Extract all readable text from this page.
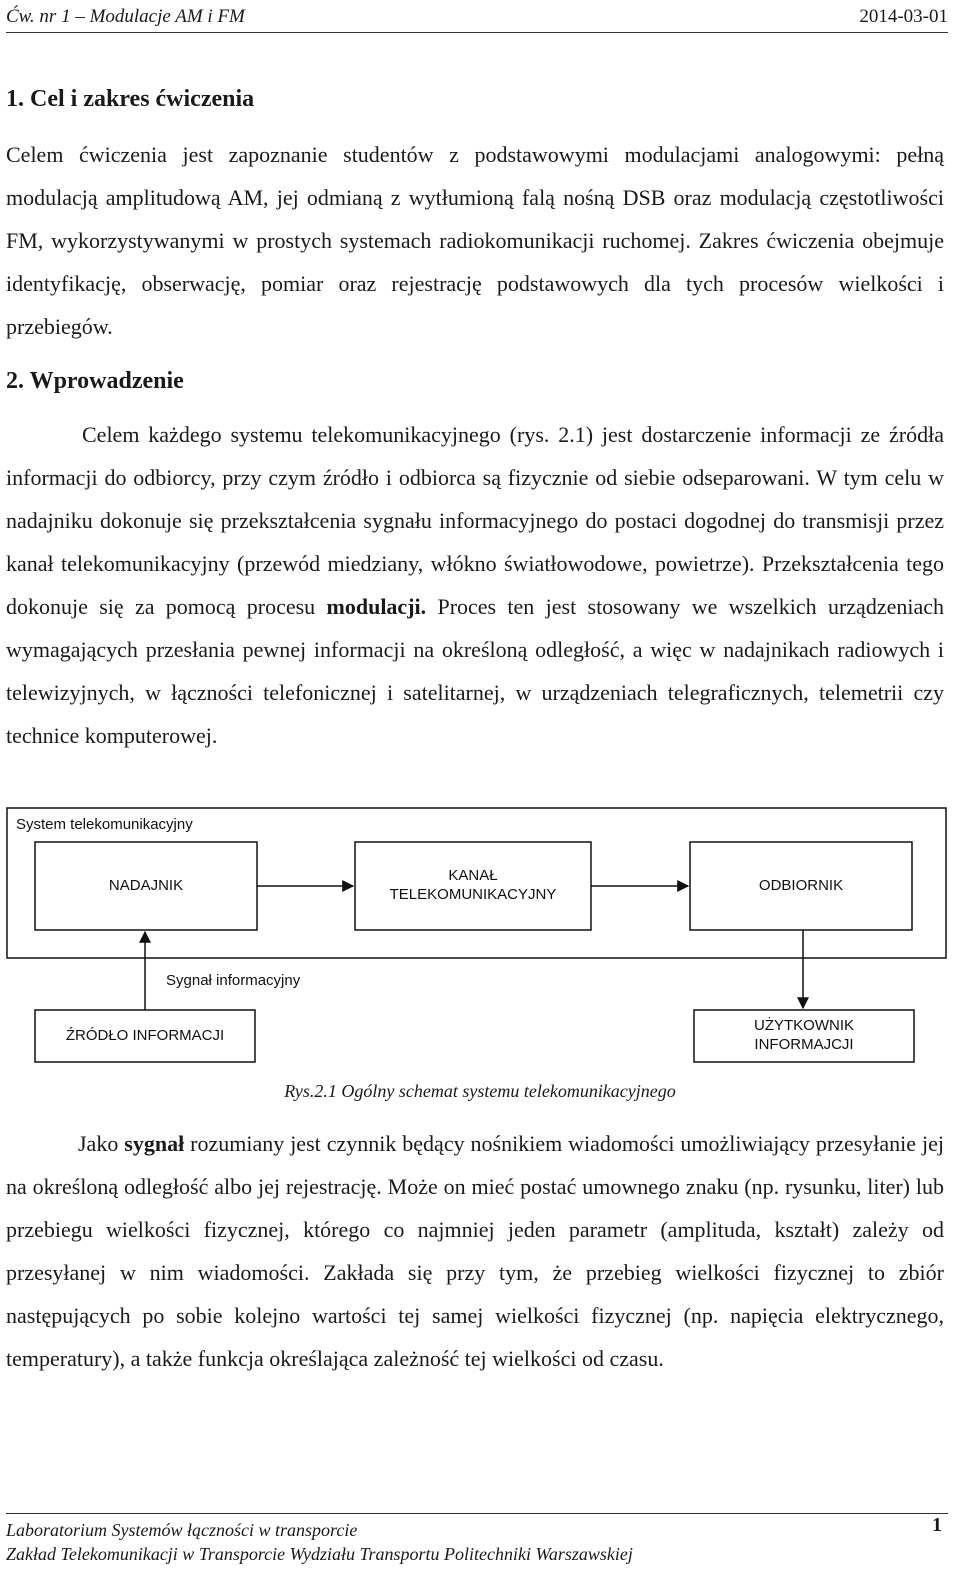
Ćw. nr 1 – Modulacje AM i FM	2014-03-01
1. Cel i zakres ćwiczenia
Celem ćwiczenia jest zapoznanie studentów z podstawowymi modulacjami analogowymi: pełną modulacją amplitudową AM, jej odmianą z wytłumioną falą nośną DSB oraz modulacją częstotliwości FM, wykorzystywanymi w prostych systemach radiokomunikacji ruchomej. Zakres ćwiczenia obejmuje identyfikację, obserwację, pomiar oraz rejestrację podstawowych dla tych procesów wielkości i przebiegów.
2. Wprowadzenie
Celem każdego systemu telekomunikacyjnego (rys. 2.1) jest dostarczenie informacji ze źródła informacji do odbiorcy, przy czym źródło i odbiorca są fizycznie od siebie odseparowani. W tym celu w nadajniku dokonuje się przekształcenia sygnału informacyjnego do postaci dogodnej do transmisji przez kanał telekomunikacyjny (przewód miedziany, włókno światłowodowe, powietrze). Przekształcenia tego dokonuje się za pomocą procesu modulacji. Proces ten jest stosowany we wszelkich urządzeniach wymagających przesłania pewnej informacji na określoną odległość, a więc w nadajnikach radiowych i telewizyjnych, w łączności telefonicznej i satelitarnej, w urządzeniach telegraficznych, telemetrii czy technice komputerowej.
System telekomunikacyjny
NADAJNIK
KANAŁ
TELEKOMUNIKACYJNY
ODBIORNIK
Sygnał informacyjny
ŹRÓDŁO INFORMACJI
UŻYTKOWNIK
INFORMAJCJI
Rys.2.1 Ogólny schemat systemu telekomunikacyjnego
Jako sygnał rozumiany jest czynnik będący nośnikiem wiadomości umożliwiający przesyłanie jej na określoną odległość albo jej rejestrację. Może on mieć postać umownego znaku (np. rysunku, liter) lub przebiegu wielkości fizycznej, którego co najmniej jeden parametr (amplituda, kształt) zależy od przesyłanej w nim wiadomości. Zakłada się przy tym, że przebieg wielkości fizycznej to zbiór następujących po sobie kolejno wartości tej samej wielkości fizycznej (np. napięcia elektrycznego, temperatury), a także funkcja określająca zależność tej wielkości od czasu.
Laboratorium Systemów łączności w transporcie
Zakład Telekomunikacji w Transporcie Wydziału Transportu Politechniki Warszawskiej
1
